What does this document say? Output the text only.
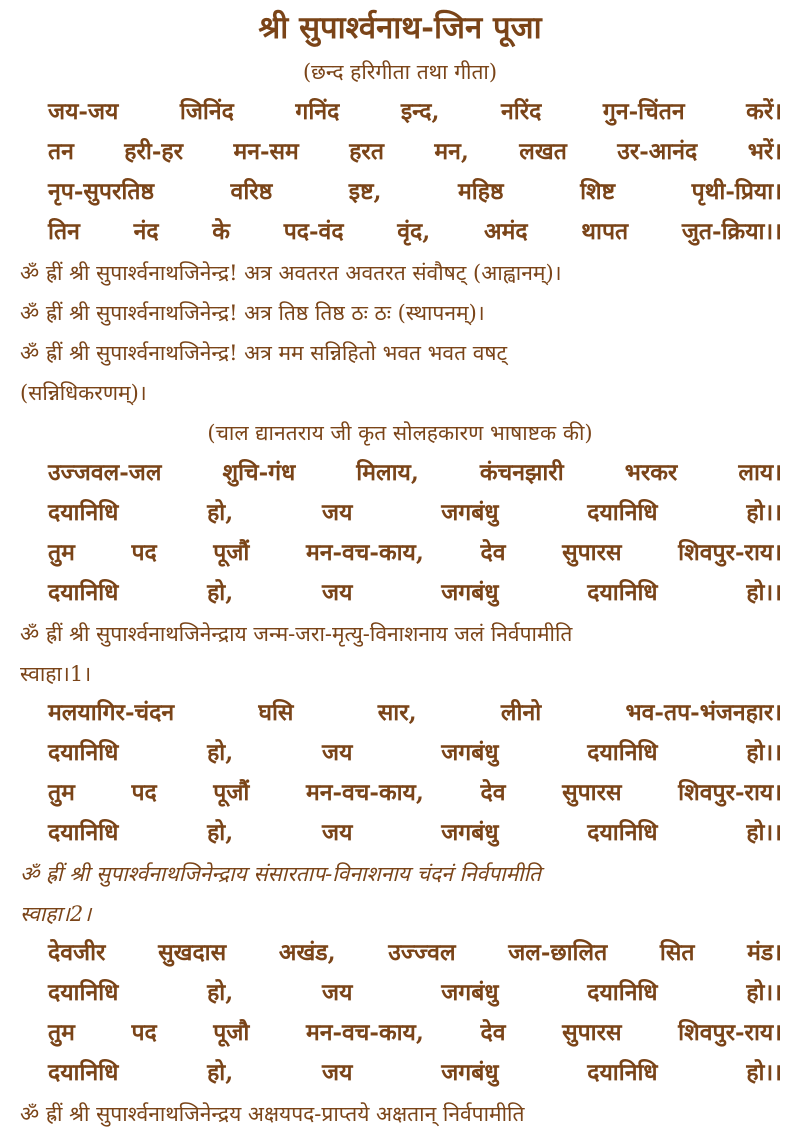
श्री सुपार्श्वनाथ-जिन पूजा
(छन्द हरिगीता तथा गीता)
जय-जय	जिनिंद	गनिंद	इन्द,	नरिंद	गुन-चिंतन	करें।
तन हरी-हर मन-सम हरत मन, लखत उर-आनंद भरें।
नृप-सुपरतिष्ठ	वरिष्ठ	इष्ट,	महिष्ठ	शिष्ट	पृथी-प्रिया।
तिन नंद के पद-वंद वृंद, अमंद थापत जुत-क्रिया।।
ॐ ह्रीं श्री सुपार्श्वनाथजिनेन्द्र! अत्र अवतरत अवतरत संवौषट् (आह्वानम्)।
ॐ ह्रीं श्री सुपार्श्वनाथजिनेन्द्र! अत्र तिष्ठ तिष्ठ ठः ठः (स्थापनम्)।
ॐ ह्रीं श्री सुपार्श्वनाथजिनेन्द्र! अत्र मम सन्निहितो भवत भवत वषट्
(सन्निधिकरणम्)।
(चाल द्यानतराय जी कृत सोलहकारण भाषाष्टक की)
उज्जवल-जल	शुचि-गंध	मिलाय,	कंचनझारी	भरकर	लाय।
दयानिधि	हो,	जय	जगबंधु	दयानिधि	हो।।
तुम पद पूजौं मन-वच-काय, देव सुपारस शिवपुर-राय।
दयानिधि	हो,	जय	जगबंधु	दयानिधि	हो।।
ॐ ह्रीं श्री सुपार्श्वनाथजिनेन्द्राय जन्म-जरा-मृत्यु-विनाशनाय जलं निर्वपामीति
स्वाहा।1।
मलयागिर-चंदन	घसि	सार,	लीनो	भव-तप-भंजनहार।
दयानिधि	हो,	जय	जगबंधु	दयानिधि	हो।।
तुम पद पूजौं मन-वच-काय, देव सुपारस शिवपुर-राय।
दयानिधि	हो,	जय	जगबंधु	दयानिधि	हो।।
ॐ ह्रीं श्री सुपार्श्वनाथजिनेन्द्राय संसारताप-विनाशनाय चंदनं निर्वपामीति
स्वाहा।2।
देवजीर सुखदास अखंड, उज्ज्वल जल-छालित सित मंड।
दयानिधि	हो,	जय	जगबंधु	दयानिधि	हो।।
तुम पद पूजौ मन-वच-काय, देव सुपारस शिवपुर-राय।
दयानिधि	हो,	जय	जगबंधु	दयानिधि	हो।।
ॐ ह्रीं श्री सुपार्श्वनाथजिनेन्द्रय अक्षयपद-प्राप्तये अक्षतान् निर्वपामीति
